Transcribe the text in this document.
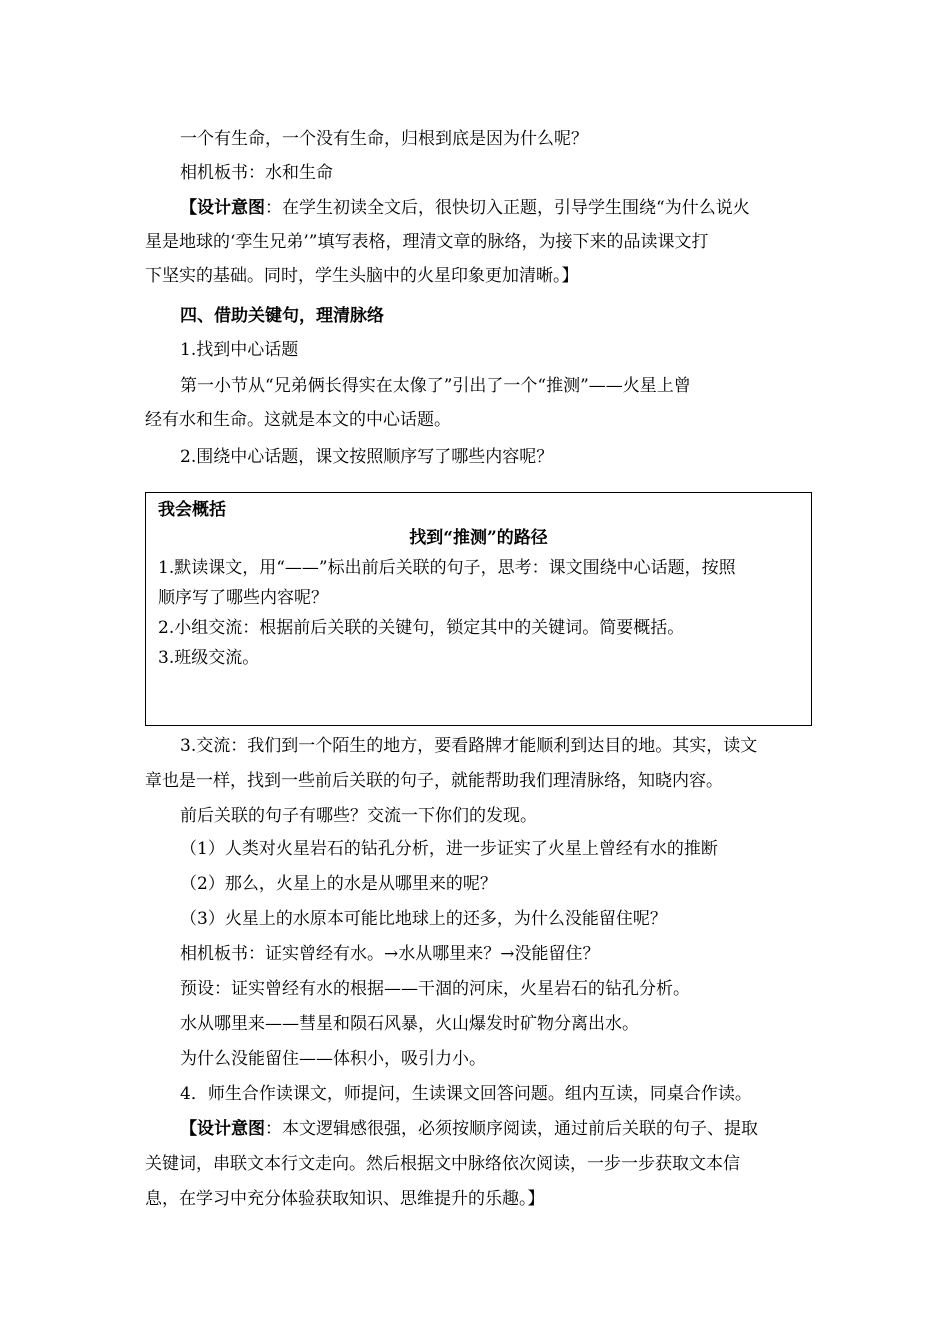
一个有生命，一个没有生命，归根到底是因为什么呢？
相机板书：水和生命
【设计意图：在学生初读全文后，很快切入正题，引导学生围绕“为什么说火
星是地球的‘孪生兄弟’”填写表格，理清文章的脉络，为接下来的品读课文打
下坚实的基础。同时，学生头脑中的火星印象更加清晰。】
四、借助关键句，理清脉络
1.找到中心话题
第一小节从“兄弟俩长得实在太像了”引出了一个“推测”——火星上曾
经有水和生命。这就是本文的中心话题。
2.围绕中心话题，课文按照顺序写了哪些内容呢？
我会概括
找到“推测”的路径
1.默读课文，用“——”标出前后关联的句子，思考：课文围绕中心话题，按照
顺序写了哪些内容呢？
2.小组交流：根据前后关联的关键句，锁定其中的关键词。简要概括。
3.班级交流。
3.交流：我们到一个陌生的地方，要看路牌才能顺利到达目的地。其实，读文
章也是一样，找到一些前后关联的句子，就能帮助我们理清脉络，知晓内容。
前后关联的句子有哪些？交流一下你们的发现。
（1）人类对火星岩石的钻孔分析，进一步证实了火星上曾经有水的推断
（2）那么，火星上的水是从哪里来的呢？
（3）火星上的水原本可能比地球上的还多，为什么没能留住呢？
相机板书：证实曾经有水。→水从哪里来？→没能留住？
预设：证实曾经有水的根据——干涸的河床，火星岩石的钻孔分析。
水从哪里来——彗星和陨石风暴，火山爆发时矿物分离出水。
为什么没能留住——体积小，吸引力小。
4．师生合作读课文，师提问，生读课文回答问题。组内互读，同桌合作读。
【设计意图：本文逻辑感很强，必须按顺序阅读，通过前后关联的句子、提取
关键词，串联文本行文走向。然后根据文中脉络依次阅读，一步一步获取文本信
息，在学习中充分体验获取知识、思维提升的乐趣。】
